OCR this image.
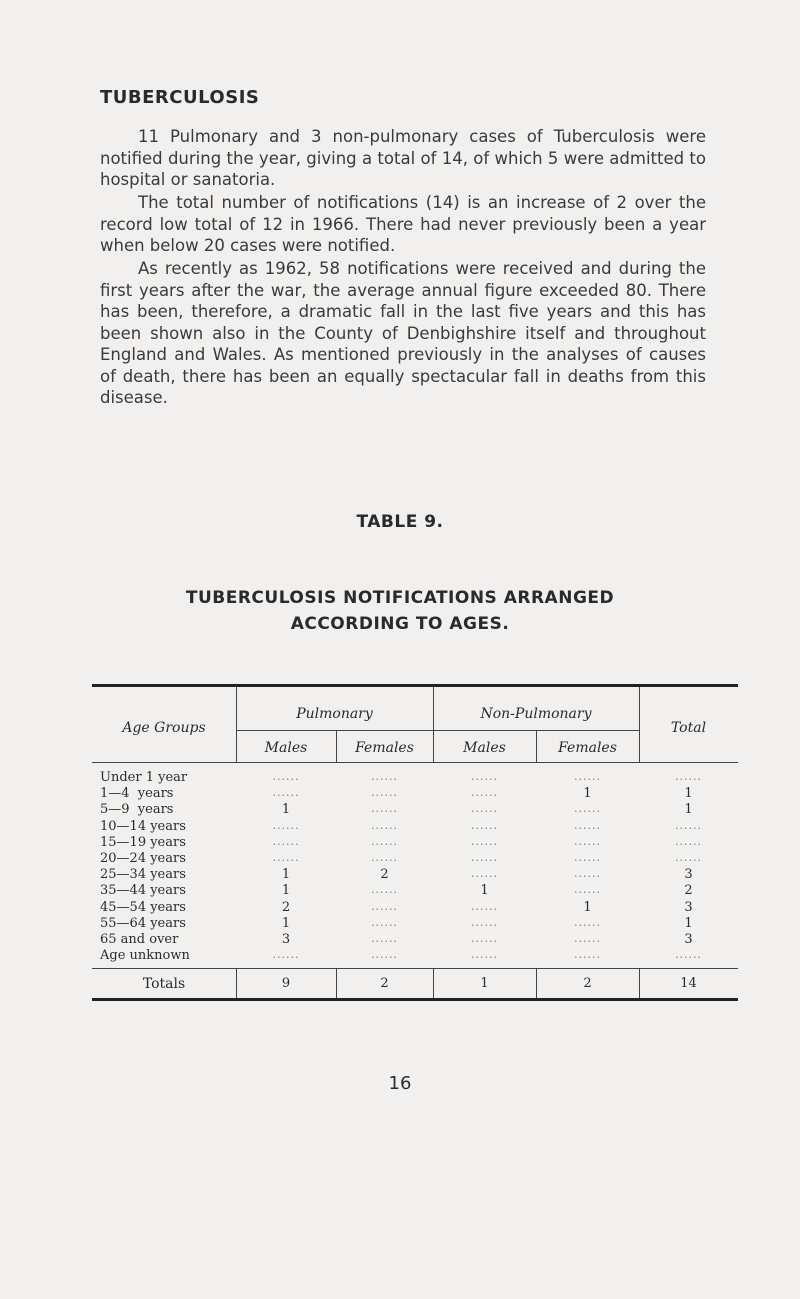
TUBERCULOSIS
11 Pulmonary and 3 non-pulmonary cases of Tuberculosis were notified during the year, giving a total of 14, of which 5 were admitted to hospital or sanatoria.
The total number of notifications (14) is an increase of 2 over the record low total of 12 in 1966. There had never previously been a year when below 20 cases were notified.
As recently as 1962, 58 notifications were received and during the first years after the war, the average annual figure exceeded 80. There has been, therefore, a dramatic fall in the last five years and this has been shown also in the County of Denbighshire itself and throughout England and Wales. As mentioned previously in the analyses of causes of death, there has been an equally spectacular fall in deaths from this disease.
TABLE 9.
TUBERCULOSIS NOTIFICATIONS ARRANGED
ACCORDING TO AGES.
Age Groups
Pulmonary	Non-Pulmonary
Total
Males	Females	Males	Females
Under 1 year	......	......	......	......	......
1—4  years	......	......	......	1	1
5—9  years	1	......	......	......	1
10—14 years	......	......	......	......	......
15—19 years	......	......	......	......	......
20—24 years	......	......	......	......	......
25—34 years	1	2	......	......	3
35—44 years	1	......	1	......	2
45—54 years	2	......	......	1	3
55—64 years	1	......	......	......	1
65 and over	3	......	......	......	3
Age unknown	......	......	......	......	......
Totals	9	2	1	2	14
16
